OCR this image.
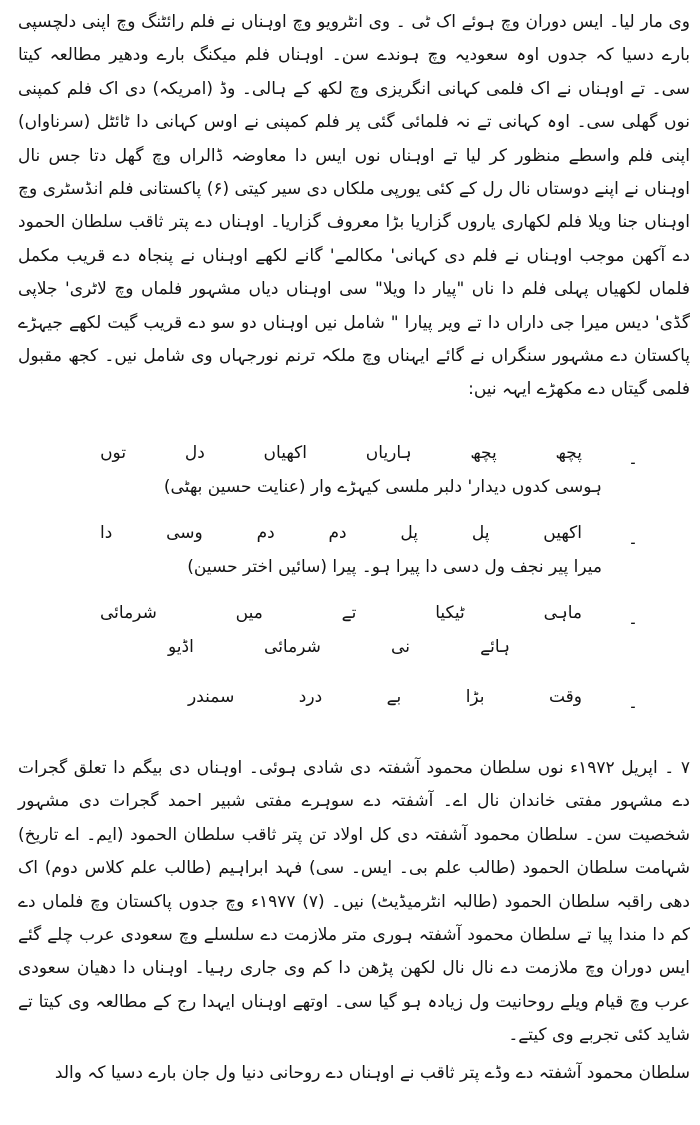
وی مار لیا۔ ایس دوران وچ ہوئے اک ٹی ۔ وی انٹرویو وچ اوہناں نے فلم رائٹنگ وچ اپنی دلچسپی بارے دسیا کہ جدوں اوہ سعودیہ وچ ہوندے سن۔ اوہناں فلم میکنگ بارے ودھیر مطالعہ کیتا سی۔ تے اوہناں نے اک فلمی کہانی انگریزی وچ لکھ کے ہالی۔ وڈ (امریکہ) دی اک فلم کمپنی نوں گھلی سی۔ اوہ کہانی تے نہ فلمائی گئی پر فلم کمپنی نے اوس کہانی دا ٹائٹل (سرناواں) اپنی فلم واسطے منظور کر لیا تے اوہناں نوں ایس دا معاوضہ ڈالراں وچ گھل دتا جس نال اوہناں نے اپنے دوستاں نال رل کے کئی یورپی ملکاں دی سیر کیتی (۶) پاکستانی فلم انڈسٹری وچ اوہناں جنا ویلا فلم لکھاری یاروں گزاریا بڑا معروف گزاریا۔ اوہناں دے پتر ثاقب سلطان الحمود دے آکھن موجب اوہناں نے فلم دی کہانی' مکالمے' گانے لکھے اوہناں نے پنجاہ دے قریب مکمل فلماں لکھیاں پہلی فلم دا ناں "پیار دا ویلا" سی اوہناں دیاں مشہور فلماں وچ لاٹری' جلاپی گڈی' دیس میرا جی داراں دا تے ویر پیارا " شامل نیں اوہناں دو سو دے قریب گیت لکھے جیہڑے پاکستان دے مشہور سنگراں نے گائے ایہناں وچ ملکہ ترنم نورجہاں وی شامل نیں۔ کجھ مقبول فلمی گیتاں دے مکھڑے ایہہ نیں:

۔
پچھ
پچھ
ہاریاں
اکھیاں
دل
توں
ہوسی کدوں دیدار' دلبر ملسی کیہڑے وار (عنایت حسین بھٹی)
۔
اکھیں
پل
پل
دم
دم
وسی
دا
میرا پیر نجف ول دسی دا پیرا ہو۔ پیرا (سائیں اختر حسین)
۔
ماہی
ٹیکیا
تے
میں
شرمائی
ہائے
نی
شرمائی
اڈیو
۔
وقت
بڑا
بے
درد
سمندر

۷ ۔ اپریل ۱۹۷۲ء نوں سلطان محمود آشفتہ دی شادی ہوئی۔ اوہناں دی بیگم دا تعلق گجرات دے مشہور مفتی خاندان نال اے۔ آشفتہ دے سوہرے مفتی شبیر احمد گجرات دی مشہور شخصیت سن۔ سلطان محمود آشفتہ دی کل اولاد تن پتر ثاقب سلطان الحمود (ایم۔ اے تاریخ) شہامت سلطان الحمود (طالب علم بی۔ ایس۔ سی) فہد ابراہیم (طالب علم کلاس دوم) اک دھی راقبہ سلطان الحمود (طالبہ انٹرمیڈیٹ) نیں۔ (۷) ۱۹۷۷ء وچ جدوں پاکستان وچ فلماں دے کم دا مندا پیا تے سلطان محمود آشفتہ ہوری متر ملازمت دے سلسلے وچ سعودی عرب چلے گئے ایس دوران وچ ملازمت دے نال نال لکھن پڑھن دا کم وی جاری رہیا۔ اوہناں دا دھیان سعودی عرب وچ قیام ویلے روحانیت ول زیادہ ہو گیا سی۔ اوتھے اوہناں ایہدا رج کے مطالعہ وی کیتا تے شاید کئی تجربے وی کیتے۔

سلطان محمود آشفتہ دے وڈے پتر ثاقب نے اوہناں دے روحانی دنیا ول جان بارے دسیا کہ والد
